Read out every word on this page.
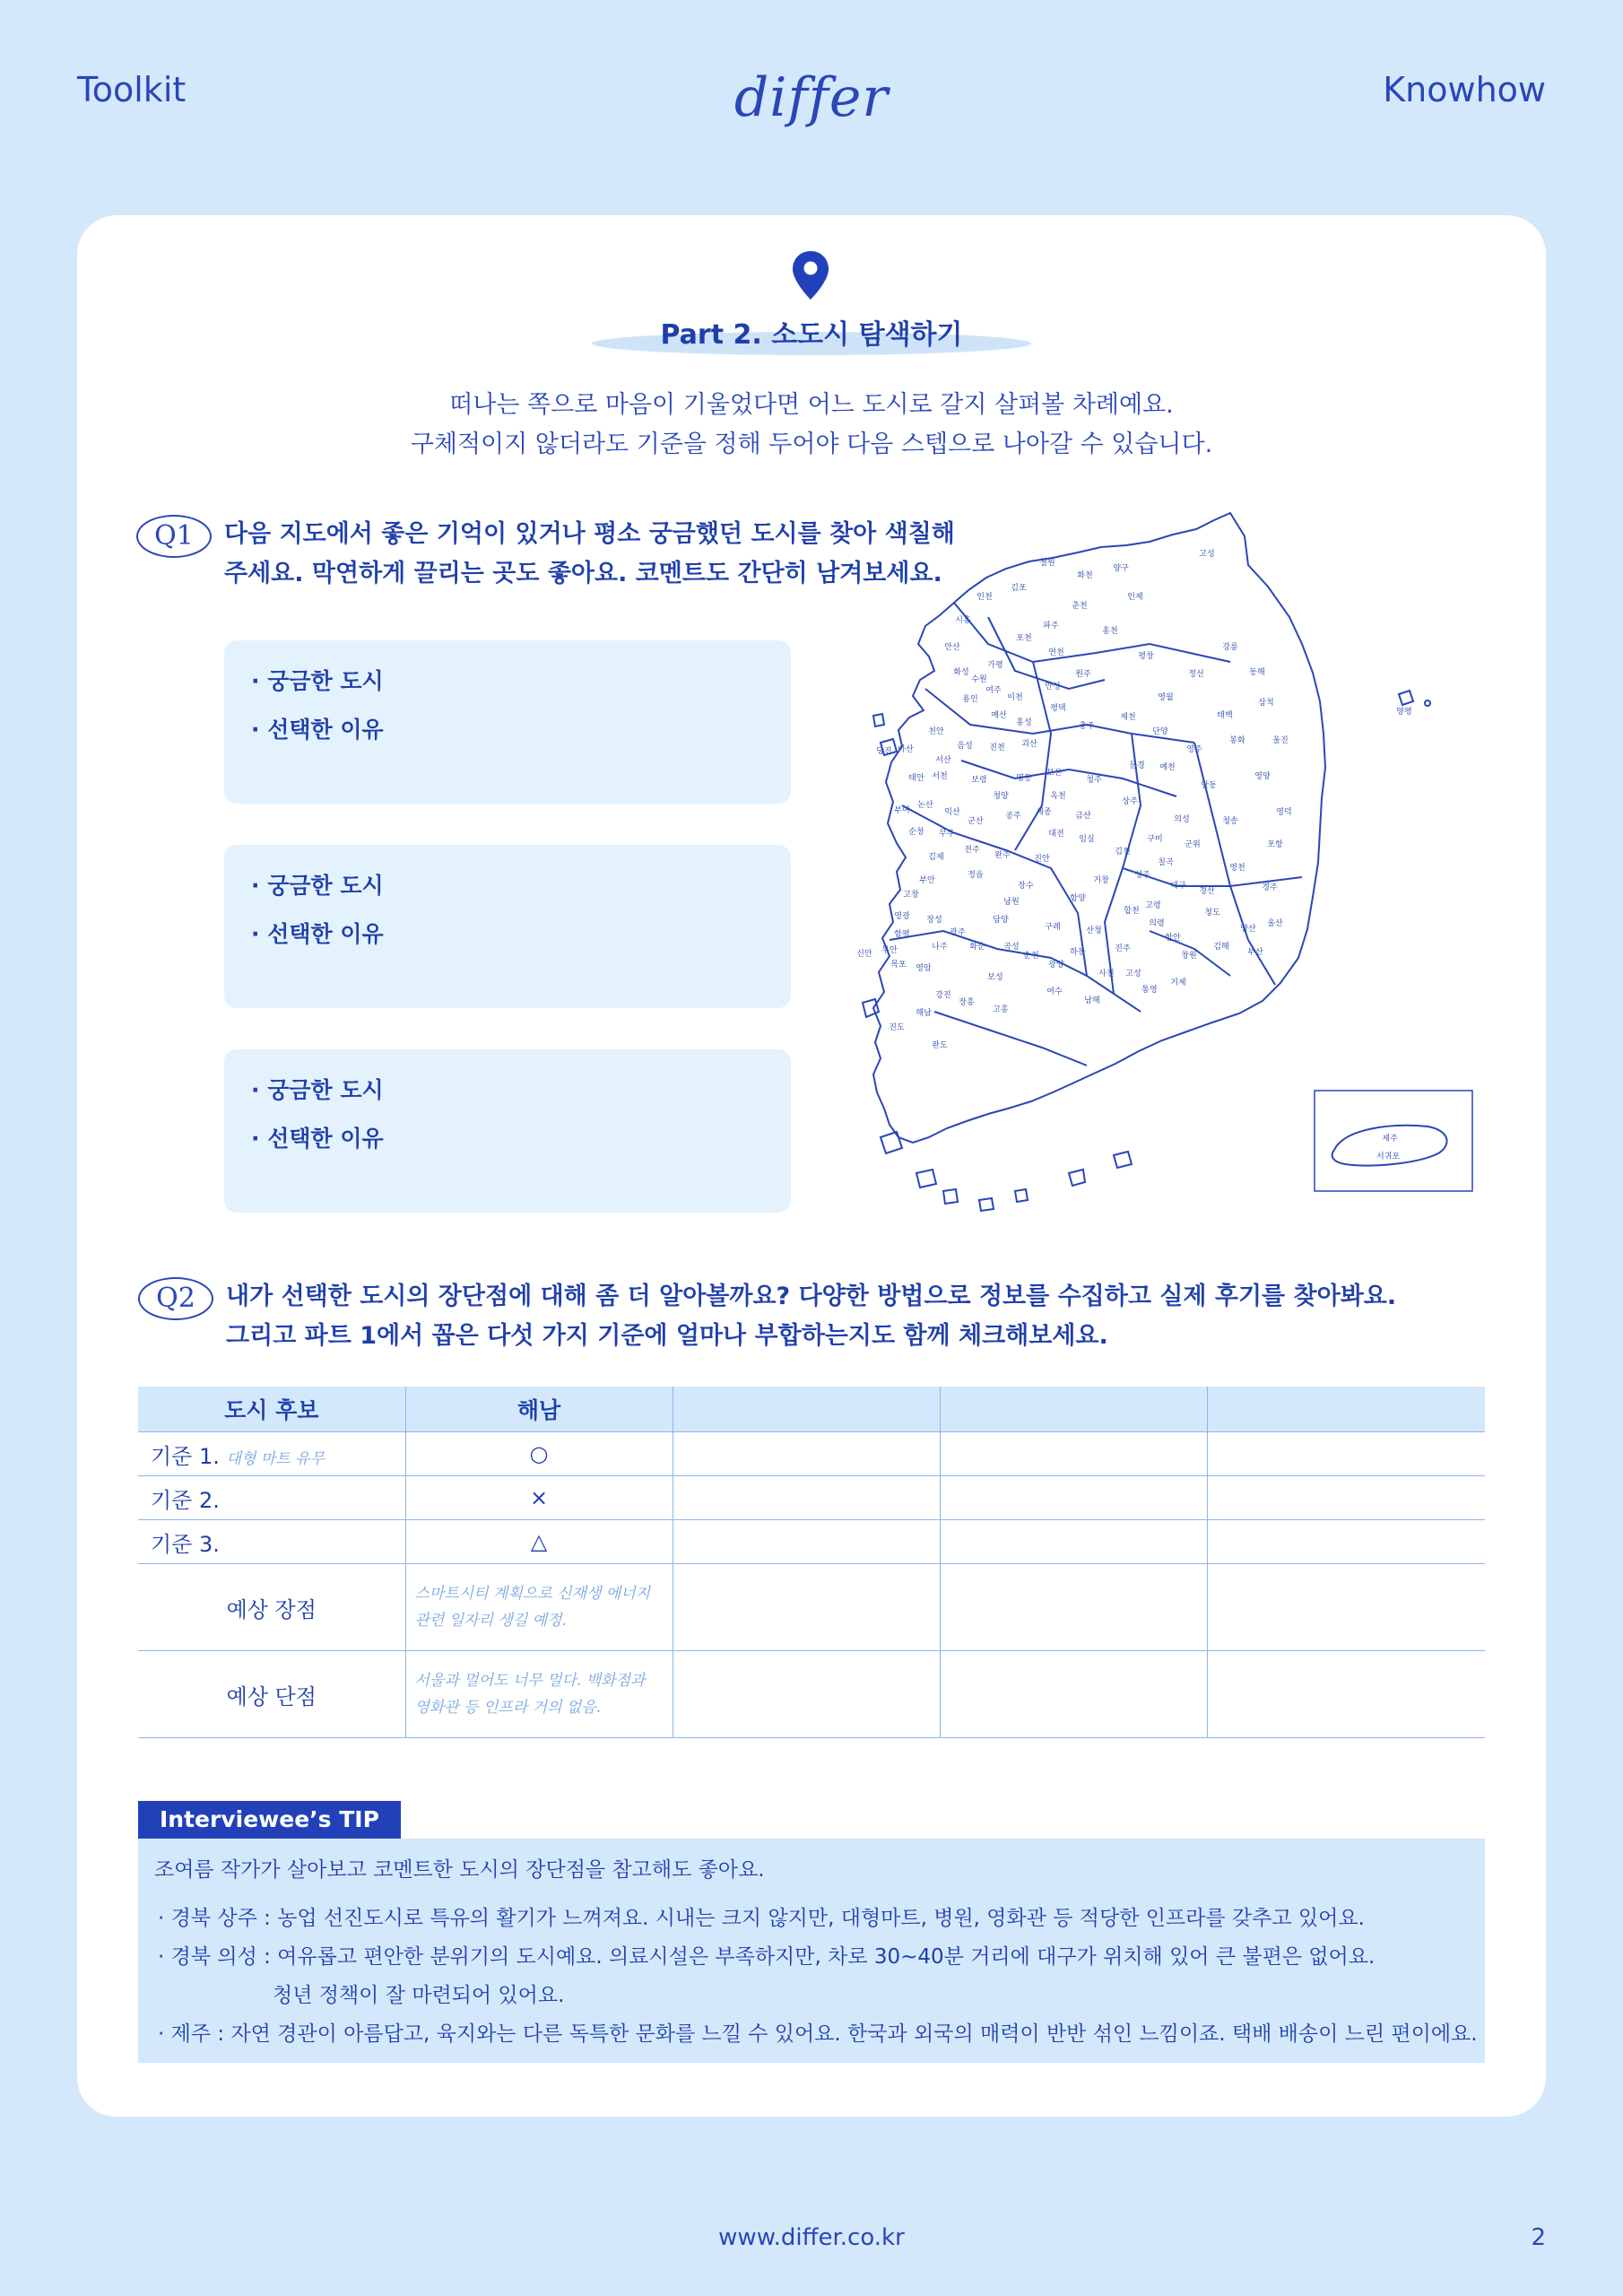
Toolkit	differ	Knowhow
Part 2. 소도시 탐색하기
떠나는 쪽으로 마음이 기울었다면 어느 도시로 갈지 살펴볼 차례예요.
구체적이지 않더라도 기준을 정해 두어야 다음 스텝으로 나아갈 수 있습니다.
Q1	다음 지도에서 좋은 기억이 있거나 평소 궁금했던 도시를 찾아 색칠해
주세요. 막연하게 끌리는 곳도 좋아요. 코멘트도 간단히 남겨보세요.
· 궁금한 도시
· 선택한 이유
· 궁금한 도시
· 선택한 이유
· 궁금한 도시
· 선택한 이유
철원
화천
양구
인제
고성
춘천
홍천
강릉
원주
평창
정선	동해
삼척
영월
태백
제천
단양
충주
영주
봉화	울진
영양
문경 예천
안동
영덕
상주
의성	청송
포항
구미
군위
김천
칠곡
대구
영천
경주
성주
고령
경산
청도
울산
양산
김해
부산
창원
함안
의령
합천
거창
함양
산청
진주
사천
하동
남해
통영
거제
고성
구례
광양
순천
여수
보성
고흥
장흥
강진
해남
완도
진도
목포 영암
나주	화순
담양
곡성
광주
장성
영광
함평
무안
신안
고창
정읍
부안
김제
전주
완주	진안
장수
남원
임실
순창 무주
군산
익산
논산
부여
서천	보령
청양
공주 세종
대전
금산
옥천
영동
보은
청주
괴산
진천
음성
천안
아산
당진
서산
태안
예산
홍성
평택
안성
이천
여주
용인
수원
화성
안산
시흥
인천
김포
파주
연천
포천
가평
양평
제주
서귀포
Q2	내가 선택한 도시의 장단점에 대해 좀 더 알아볼까요? 다양한 방법으로 정보를 수집하고 실제 후기를 찾아봐요.
그리고 파트 1에서 꼽은 다섯 가지 기준에 얼마나 부합하는지도 함께 체크해보세요.
도시 후보	해남			
기준 1. 대형 마트 유무	○			
기준 2.	×			
기준 3.	△			
예상 장점	스마트시티 계획으로 신재생 에너지
관련 일자리 생길 예정.			

예상 단점	서울과 멀어도 너무 멀다. 백화점과
영화관 등 인프라 거의 없음.			

Interviewee’s TIP
조여름 작가가 살아보고 코멘트한 도시의 장단점을 참고해도 좋아요.
· 경북 상주 : 농업 선진도시로 특유의 활기가 느껴져요. 시내는 크지 않지만, 대형마트, 병원, 영화관 등 적당한 인프라를 갖추고 있어요.
· 경북 의성 : 여유롭고 편안한 분위기의 도시예요. 의료시설은 부족하지만, 차로 30~40분 거리에 대구가 위치해 있어 큰 불편은 없어요.
청년 정책이 잘 마련되어 있어요.
· 제주 : 자연 경관이 아름답고, 육지와는 다른 독특한 문화를 느낄 수 있어요. 한국과 외국의 매력이 반반 섞인 느낌이죠. 택배 배송이 느린 편이에요.
www.differ.co.kr	2
